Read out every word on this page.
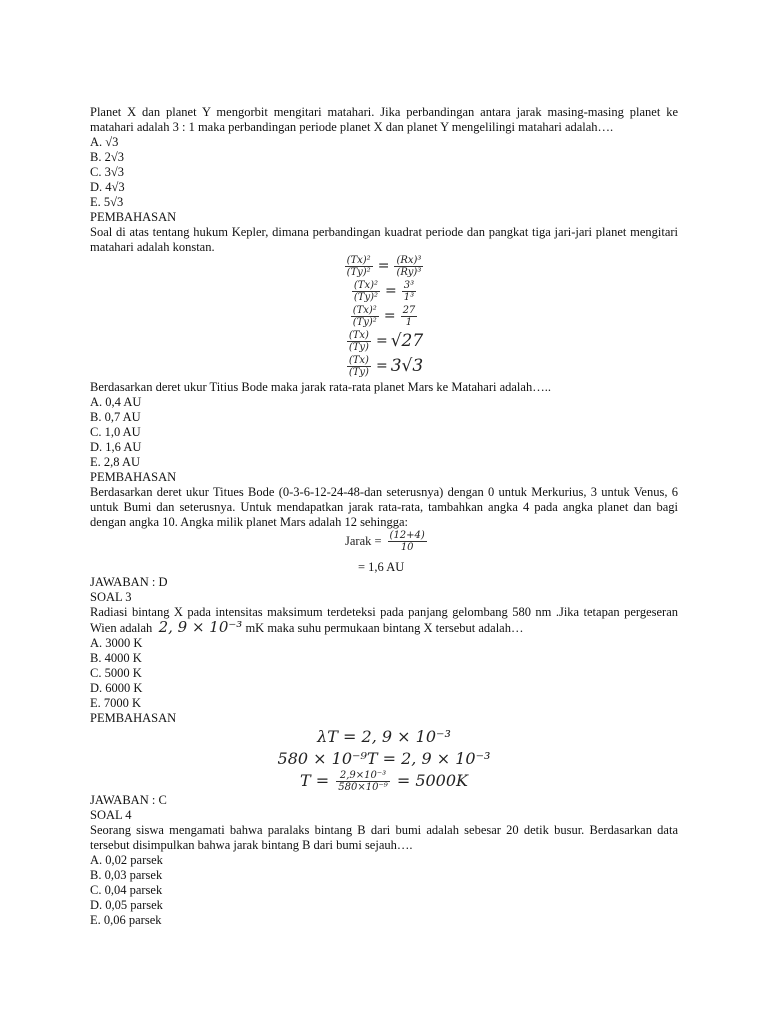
Planet X dan planet Y mengorbit mengitari matahari. Jika perbandingan antara jarak masing-masing planet ke matahari adalah 3 : 1 maka perbandingan periode planet X dan planet Y mengelilingi matahari adalah….

A. √3

B. 2√3

C. 3√3

D. 4√3

E. 5√3

PEMBAHASAN

Soal di atas tentang hukum Kepler, dimana perbandingan kuadrat periode dan pangkat tiga jari-jari planet mengitari matahari adalah konstan.

$\frac{\text{(Tx)²}}{\text{(Ty)²}} = \frac{\text{(Rx)³}}{\text{(Ry)³}}$
$\frac{\text{(Tx)²}}{\text{(Ty)²}} = \frac{\text{3³}}{\text{1³}}$
$\frac{\text{(Tx)²}}{\text{(Ty)²}} = \frac{27}{1}$
$\frac{(Tx)}{(Ty)} = √27$
$\frac{(Tx)}{(Ty)} = 3√3$

Berdasarkan deret ukur Titius Bode maka jarak rata-rata planet Mars ke Matahari adalah…..

A. 0,4 AU

B. 0,7 AU

C. 1,0 AU

D. 1,6 AU

E. 2,8 AU

PEMBAHASAN

Berdasarkan deret ukur Titues Bode (0-3-6-12-24-48-dan seterusnya) dengan 0 untuk Merkurius, 3 untuk Venus, 6 untuk Bumi dan seterusnya. Untuk mendapatkan jarak rata-rata, tambahkan angka 4 pada angka planet dan bagi dengan angka 10. Angka milik planet Mars adalah 12 sehingga:

Jarak = $\frac{(12+4)}{10}$

= 1,6 AU

JAWABAN : D

SOAL 3

Radiasi bintang X pada intensitas maksimum terdeteksi pada panjang gelombang 580 nm .Jika tetapan pergeseran Wien adalah 2, 9 × 10⁻³ mK maka suhu permukaan bintang X tersebut adalah…

A. 3000 K

B. 4000 K

C. 5000 K

D. 6000 K

E. 7000 K

PEMBAHASAN

λT = 2, 9 × 10⁻³
580 × 10⁻⁹T = 2, 9 × 10⁻³
$T = \frac{\text{2,9×10⁻³}}{\text{580×10⁻⁹}} = 5000K$

JAWABAN : C

SOAL 4

Seorang siswa mengamati bahwa paralaks bintang B dari bumi adalah sebesar 20 detik busur. Berdasarkan data tersebut disimpulkan bahwa jarak bintang B dari bumi sejauh….

A. 0,02 parsek

B. 0,03 parsek

C. 0,04 parsek

D. 0,05 parsek

E. 0,06 parsek
